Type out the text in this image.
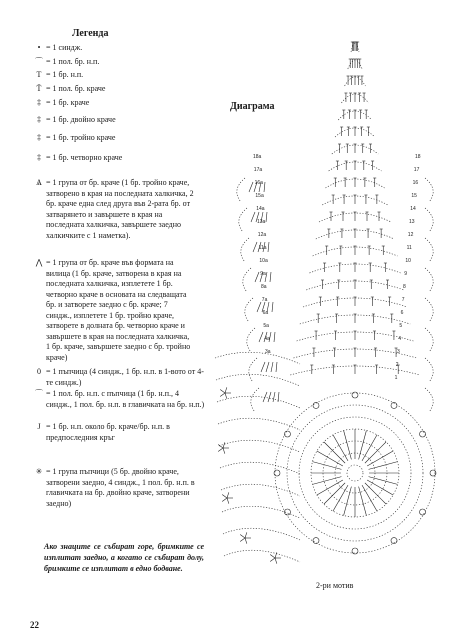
Легенда
• = 1 синдж.
⌒ = 1 пол. бр. н.п.
T = 1 бр. н.п.
T̄ = 1 пол. бр. краче
‡ = 1 бр. краче
‡ = 1 бр. двойно краче
‡ = 1 бр. тройно краче
‡ = 1 бр. четворно краче
Ѧ = 1 група от бр. краче (1 бр. тройно краче, затворено в края на последната халкичка, 2 бр. краче една след друга във 2-рата бр. от затварянето и завършете в края на последната халкичка, завършете заедно халкичките с 1 наметка).
⋀ = 1 група от бр. краче във формата на вилица (1 бр. краче, затворена в края на последната халкичка, изплетете 1 бр. четворно краче в основата на следващата бр. и затворете заедно с бр. краче; 7 синдж., изплетете 1 бр. тройно краче, затворете в долната бр. четворно краче и завършете в края на последната халкичка, 1 бр. краче, завършете заедно с бр. тройно краче)
0 = 1 пъпчица (4 синдж., 1 бр. н.п. в 1-вото от 4-те синдж.)
⌒ = 1 пол. бр. н.п. с пъпчица (1 бр. н.п., 4 синдж., 1 пол. бр. н.п. в главичката на бр. н.п.)
J = 1 бр. н.п. около бр. краче/бр. н.п. в предпоследния кръг
✳ = 1 група пъпчици (5 бр. двойно краче, затворени заедно, 4 синдж., 1 пол. бр. н.п. в главичката на бр. двойно краче, затворени заедно)
Диаграма
18
17
16
15
14
13
12
11
10
9
8
7
6
5
4
3
2
1
18a
17a
16a
15a
14a
13a
12a
11a
10a
9a
8a
7a
6a
5a
4a
3a
2-ри мотив
Ако знаците се събират горе, бримките се изплитат заедно, а когато се събират долу, бримките се изплитат в едно бодване.
22
